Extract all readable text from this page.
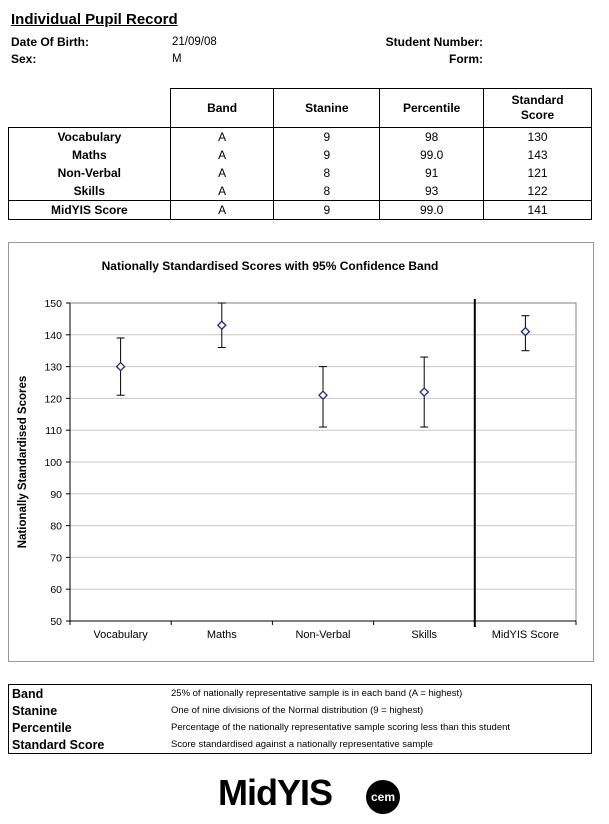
Individual Pupil Record
Date Of Birth:	21/09/08
Sex:	M
Student Number:
Form:
	Band	Stanine	Percentile	Standard Score
Vocabulary	A	9	98	130
Maths	A	9	99.0	143
Non-Verbal	A	8	91	121
Skills	A	8	93	122
MidYIS Score	A	9	99.0	141
Nationally Standardised Scores with 95% Confidence Band
50
60
70
80
90
100
110
120
130
140
150
Vocabulary	Maths	Non-Verbal	Skills	MidYIS Score
Nationally Standardised Scores
Band	25% of nationally representative sample is in each band (A = highest)
Stanine	One of nine divisions of the Normal distribution (9 = highest)
Percentile	Percentage of the nationally representative sample scoring less than this student
Standard Score	Score standardised against a nationally representative sample
MidYIS	cem
